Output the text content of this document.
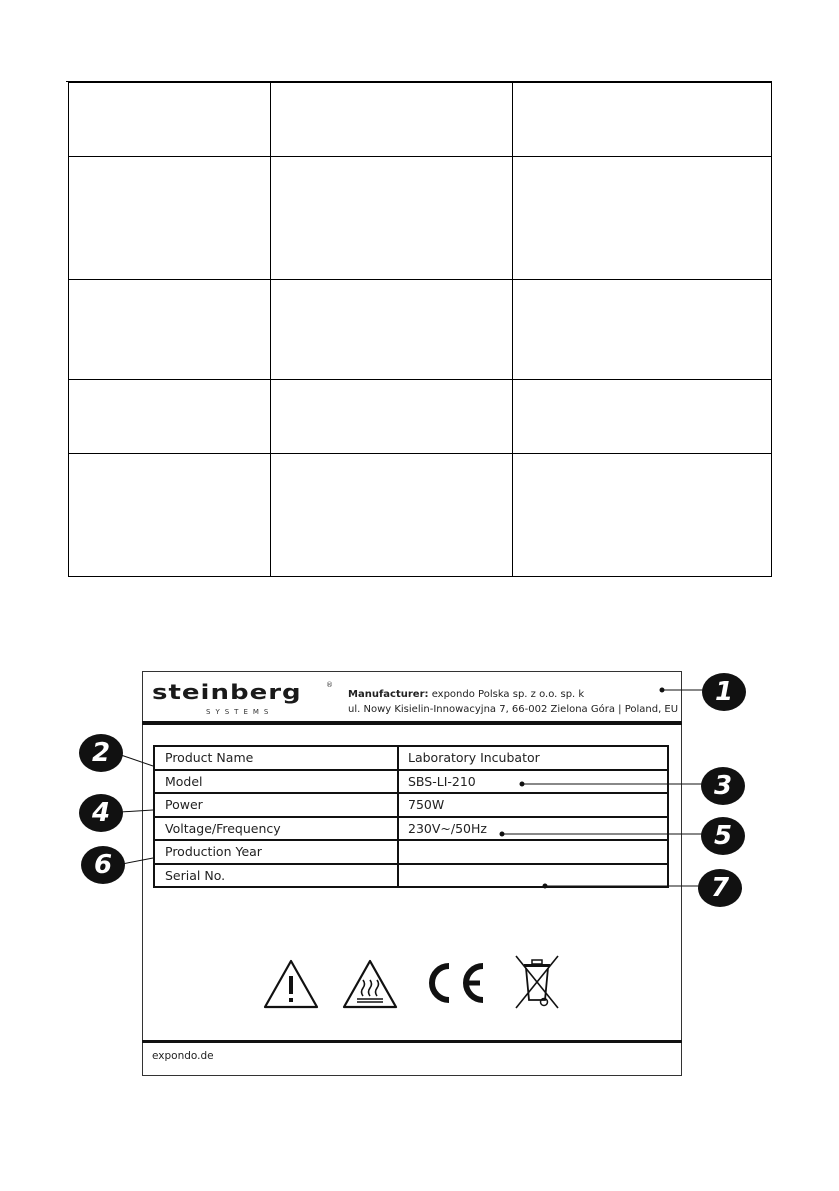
steinberg
SYSTEMS
®
Manufacturer: expondo Polska sp. z o.o. sp. k
ul. Nowy Kisielin-Innowacyjna 7, 66-002 Zielona Góra | Poland, EU
Product Name	Laboratory Incubator
Model	SBS-LI-210
Power	750W
Voltage/Frequency	230V~/50Hz
Production Year	
Serial No.	
expondo.de
1
2
3
4
5
6
7
